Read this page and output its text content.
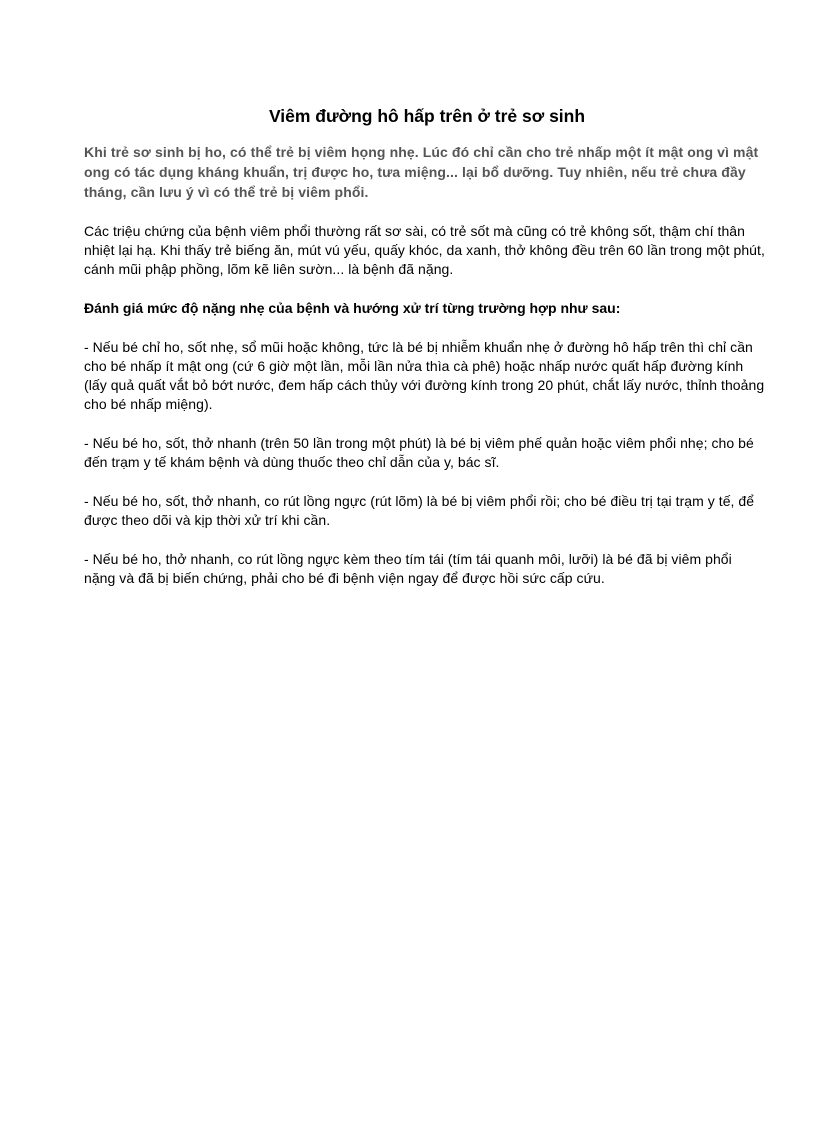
Viêm đường hô hấp trên ở trẻ sơ sinh

Khi trẻ sơ sinh bị ho, có thể trẻ bị viêm họng nhẹ. Lúc đó chỉ cần cho trẻ nhấp một ít mật ong vì mật ong có tác dụng kháng khuẩn, trị được ho, tưa miệng... lại bổ dưỡng. Tuy nhiên, nếu trẻ chưa đầy tháng, cần lưu ý vì có thể trẻ bị viêm phổi.

Các triệu chứng của bệnh viêm phổi thường rất sơ sài, có trẻ sốt mà cũng có trẻ không sốt, thậm chí thân nhiệt lại hạ. Khi thấy trẻ biếng ăn, mút vú yếu, quấy khóc, da xanh, thở không đều trên 60 lần trong một phút, cánh mũi phập phồng, lõm kẽ liên sườn... là bệnh đã nặng.

Đánh giá mức độ nặng nhẹ của bệnh và hướng xử trí từng trường hợp như sau:

- Nếu bé chỉ ho, sốt nhẹ, sổ mũi hoặc không, tức là bé bị nhiễm khuẩn nhẹ ở đường hô hấp trên thì chỉ cần cho bé nhấp ít mật ong (cứ 6 giờ một lần, mỗi lần nửa thìa cà phê) hoặc nhấp nước quất hấp đường kính (lấy quả quất vắt bỏ bớt nước, đem hấp cách thủy với đường kính trong 20 phút, chắt lấy nước, thỉnh thoảng cho bé nhấp miệng).

- Nếu bé ho, sốt, thở nhanh (trên 50 lần trong một phút) là bé bị viêm phế quản hoặc viêm phổi nhẹ; cho bé đến trạm y tế khám bệnh và dùng thuốc theo chỉ dẫn của y, bác sĩ.

- Nếu bé ho, sốt, thở nhanh, co rút lồng ngực (rút lõm) là bé bị viêm phổi rồi; cho bé điều trị tại trạm y tế, để được theo dõi và kịp thời xử trí khi cần.

- Nếu bé ho, thở nhanh, co rút lồng ngực kèm theo tím tái (tím tái quanh môi, lưỡi) là bé đã bị viêm phổi nặng và đã bị biến chứng, phải cho bé đi bệnh viện ngay để được hồi sức cấp cứu.
